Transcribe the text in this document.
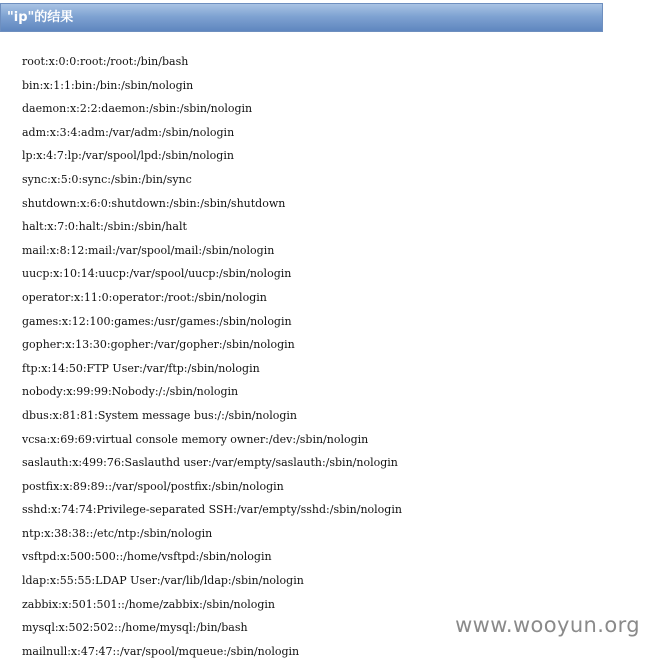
"ip"的结果
root:x:0:0:root:/root:/bin/bash
bin:x:1:1:bin:/bin:/sbin/nologin
daemon:x:2:2:daemon:/sbin:/sbin/nologin
adm:x:3:4:adm:/var/adm:/sbin/nologin
lp:x:4:7:lp:/var/spool/lpd:/sbin/nologin
sync:x:5:0:sync:/sbin:/bin/sync
shutdown:x:6:0:shutdown:/sbin:/sbin/shutdown
halt:x:7:0:halt:/sbin:/sbin/halt
mail:x:8:12:mail:/var/spool/mail:/sbin/nologin
uucp:x:10:14:uucp:/var/spool/uucp:/sbin/nologin
operator:x:11:0:operator:/root:/sbin/nologin
games:x:12:100:games:/usr/games:/sbin/nologin
gopher:x:13:30:gopher:/var/gopher:/sbin/nologin
ftp:x:14:50:FTP User:/var/ftp:/sbin/nologin
nobody:x:99:99:Nobody:/:/sbin/nologin
dbus:x:81:81:System message bus:/:/sbin/nologin
vcsa:x:69:69:virtual console memory owner:/dev:/sbin/nologin
saslauth:x:499:76:Saslauthd user:/var/empty/saslauth:/sbin/nologin
postfix:x:89:89::/var/spool/postfix:/sbin/nologin
sshd:x:74:74:Privilege-separated SSH:/var/empty/sshd:/sbin/nologin
ntp:x:38:38::/etc/ntp:/sbin/nologin
vsftpd:x:500:500::/home/vsftpd:/sbin/nologin
ldap:x:55:55:LDAP User:/var/lib/ldap:/sbin/nologin
zabbix:x:501:501::/home/zabbix:/sbin/nologin
mysql:x:502:502::/home/mysql:/bin/bash
mailnull:x:47:47::/var/spool/mqueue:/sbin/nologin
www.wooyun.org
